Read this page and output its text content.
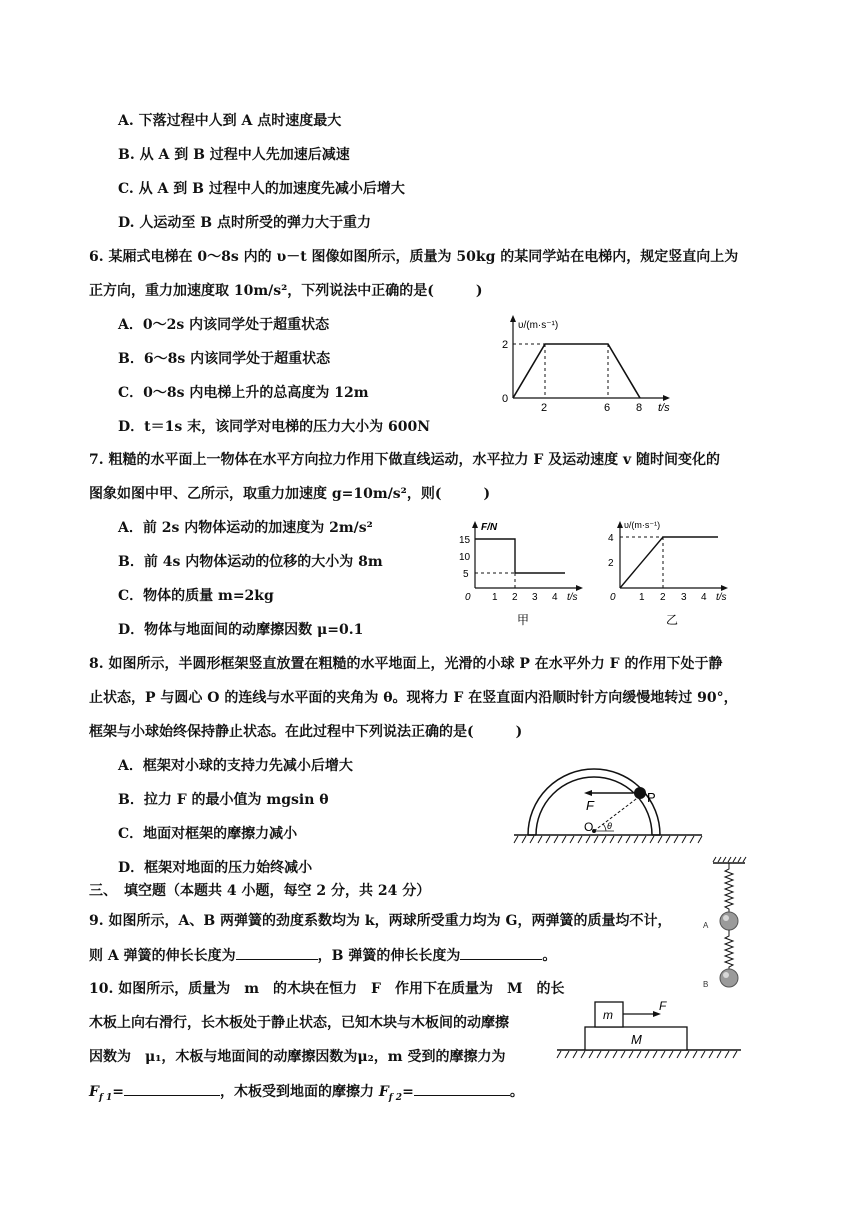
A. 下落过程中人到 A 点时速度最大
B. 从 A 到 B 过程中人先加速后减速
C. 从 A 到 B 过程中人的加速度先减小后增大
D. 人运动至 B 点时所受的弹力大于重力
6. 某厢式电梯在 0～8s 内的 υ－t 图像如图所示，质量为 50kg 的某同学站在电梯内，规定竖直向上为
正方向，重力加速度取 10m/s²，下列说法中正确的是(　　　)
A．0～2s 内该同学处于超重状态
B．6～8s 内该同学处于超重状态
C．0～8s 内电梯上升的总高度为 12m
D．t＝1s 末，该同学对电梯的压力大小为 600N
υ/(m·s⁻¹)
2
0
2	6 8 t/s
7. 粗糙的水平面上一物体在水平方向拉力作用下做直线运动，水平拉力 F 及运动速度 v 随时间变化的
图象如图中甲、乙所示，取重力加速度 g=10m/s²，则(　　　)
A．前 2s 内物体运动的加速度为 2m/s²
B．前 4s 内物体运动的位移的大小为 8m
C．物体的质量 m=2kg
D．物体与地面间的动摩擦因数 μ=0.1
F/N
15
10
5
0 1 2 3 4 t/s
甲
υ/(m·s⁻¹)
4
2
0 1 2 3 4 t/s
乙
8. 如图所示，半圆形框架竖直放置在粗糙的水平地面上，光滑的小球 P 在水平外力 F 的作用下处于静
止状态，P 与圆心 O 的连线与水平面的夹角为 θ。现将力 F 在竖直面内沿顺时针方向缓慢地转过 90°，
框架与小球始终保持静止状态。在此过程中下列说法正确的是(　　　)
A．框架对小球的支持力先减小后增大
B．拉力 F 的最小值为 mgsin θ
C．地面对框架的摩擦力减小
D．框架对地面的压力始终减小
F
P
O θ
三、　填空题（本题共 4 小题，每空 2 分，共 24 分）
9. 如图所示，A、B 两弹簧的劲度系数均为 k，两球所受重力均为 G，两弹簧的质量均不计，
则 A 弹簧的伸长长度为	，B 弹簧的伸长长度为	。
A
B
10. 如图所示，质量为　m　的木块在恒力　F　作用下在质量为　M　的长
木板上向右滑行，长木板处于静止状态，已知木块与木板间的动摩擦
因数为　μ₁，木板与地面间的动摩擦因数为μ₂，m 受到的摩擦力为
$F_{f 1}=$	，木板受到地面的摩擦力 $F_{f 2}=$	。
m
M
F
